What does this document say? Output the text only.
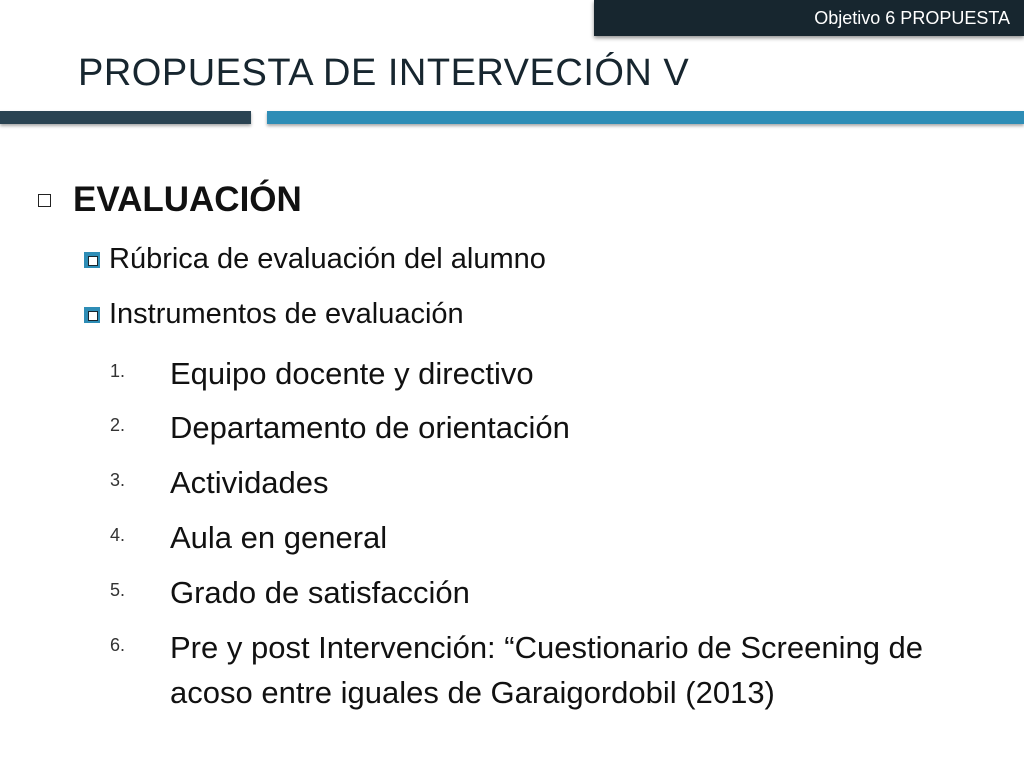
Objetivo 6 PROPUESTA
PROPUESTA DE INTERVECIÓN V
EVALUACIÓN
Rúbrica de evaluación del alumno
Instrumentos de evaluación
1.	Equipo docente y directivo
2.	Departamento de orientación
3.	Actividades
4.	Aula en general
5.	Grado de satisfacción
6.	Pre y post Intervención: “Cuestionario de Screening de acoso entre iguales de Garaigordobil (2013)
